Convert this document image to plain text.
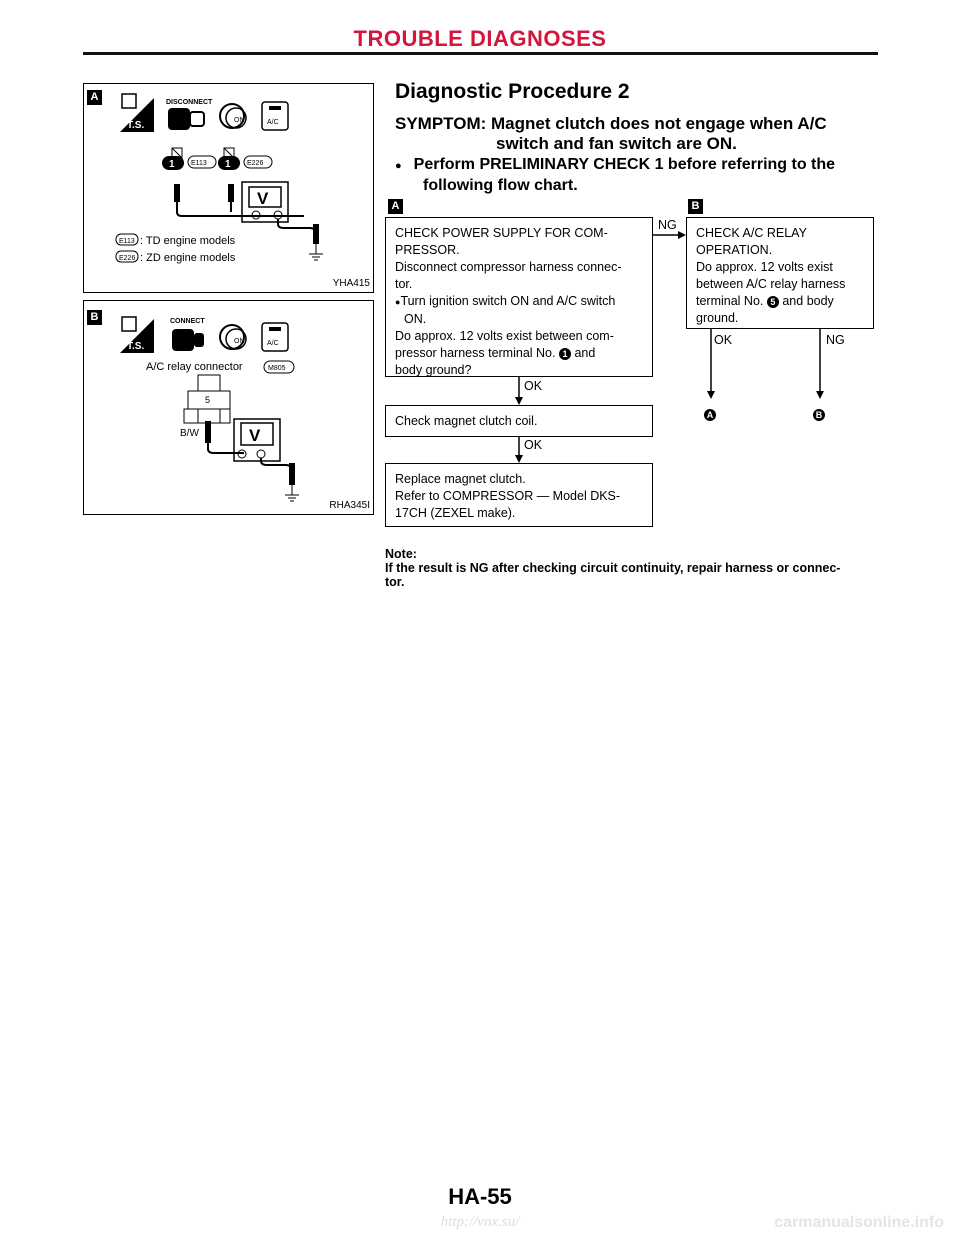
TROUBLE DIAGNOSES
A
T.S.
DISCONNECT
ON	A/C
1 E113 1 E226
V
E113 : TD engine models
E226 : ZD engine models
YHA415
B
T.S.
CONNECT
ON	A/C
A/C relay connector	M805
5
B/W	V
RHA345I
Diagnostic Procedure 2
SYMPTOM: Magnet clutch does not engage when A/C
switch and fan switch are ON.
● Perform PRELIMINARY CHECK 1 before referring to the
following flow chart.
A	B
CHECK POWER SUPPLY FOR COM-
PRESSOR.
Disconnect compressor harness connec-
tor.
●Turn ignition switch ON and A/C switch
ON.
Do approx. 12 volts exist between com-
pressor harness terminal No. 1 and
body ground?
CHECK A/C RELAY
OPERATION.
Do approx. 12 volts exist
between A/C relay harness
terminal No. 5 and body
ground.
Check magnet clutch coil.
Replace magnet clutch.
Refer to COMPRESSOR — Model DKS-
17CH (ZEXEL make).
NG
OK
OK
OK	NG
A	B
Note:
If the result is NG after checking circuit continuity, repair harness or connec-
tor.
HA-55
http://vnx.su/	carmanualsonline.info
